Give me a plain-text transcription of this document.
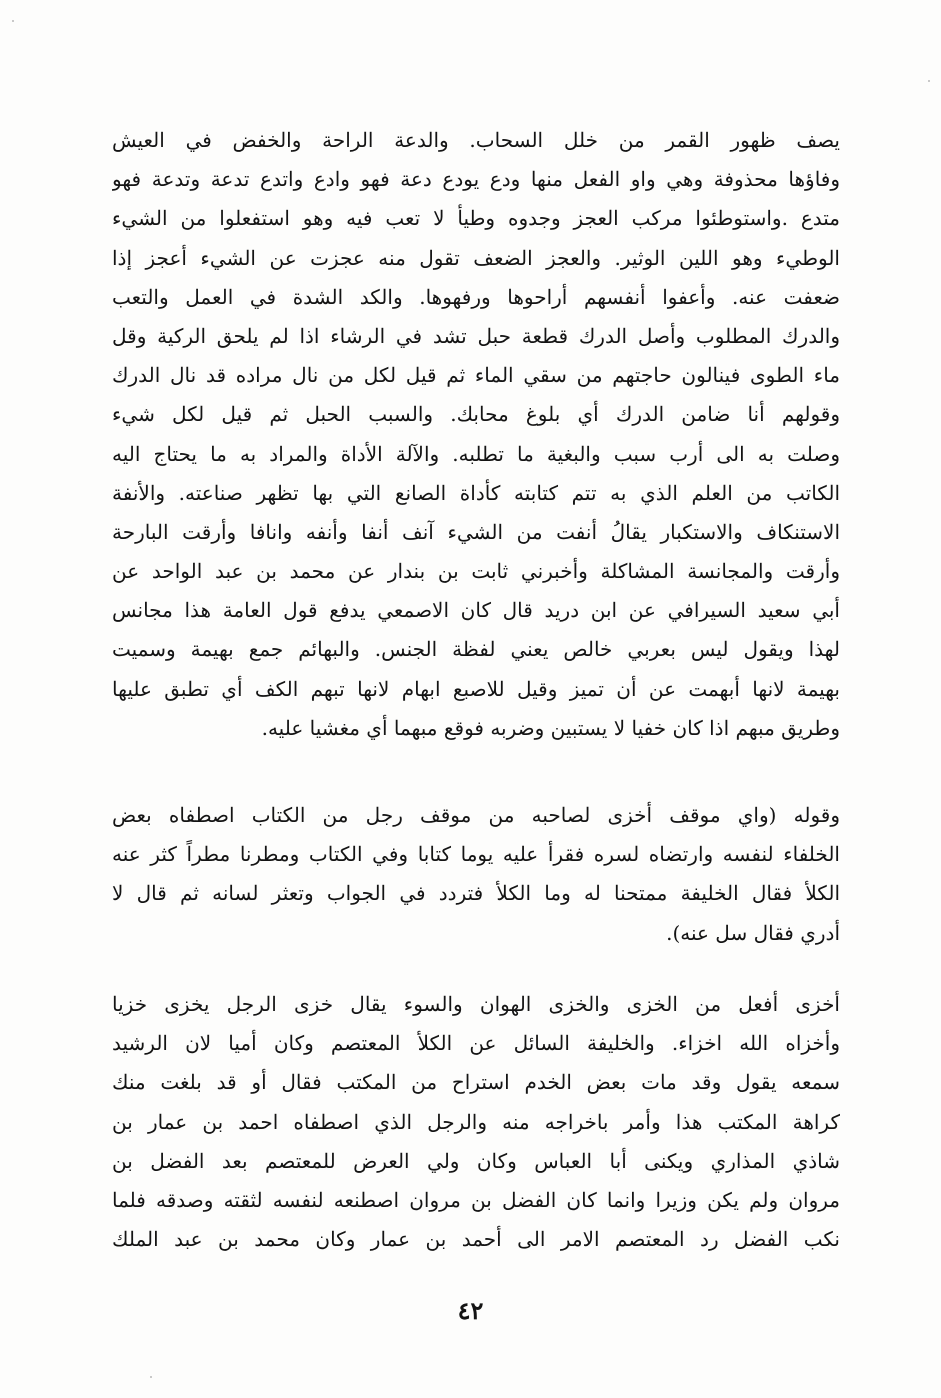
يصف ظهور القمر من خلل السحاب. والدعة الراحة والخفض في العيش
وفاؤها محذوفة وهي واو الفعل منها ودع يودع دعة فهو وادع واتدع تدعة وتدعة فهو
متدع .واستوطئوا مركب العجز وجدوه وطيأ لا تعب فيه وهو استفعلوا من الشيء
الوطيء وهو اللين الوثير. والعجز الضعف تقول منه عجزت عن الشيء أعجز إذا
ضعفت عنه. وأعفوا أنفسهم أراحوها ورفهوها. والكد الشدة في العمل والتعب
والدرك المطلوب وأصل الدرك قطعة حبل تشد في الرشاء اذا لم يلحق الركية وقل
ماء الطوى فينالون حاجتهم من سقي الماء ثم قيل لكل من نال مراده قد نال الدرك
وقولهم أنا ضامن الدرك أي بلوغ محابك. والسبب الحبل ثم قيل لكل شيء
وصلت به الى أرب سبب والبغية ما تطلبه. والآلة الأداة والمراد به ما يحتاج اليه
الكاتب من العلم الذي به تتم كتابته كأداة الصانع التي بها تظهر صناعته. والأنفة
الاستنكاف والاستكبار يقالُ أنفت من الشيء آنف أنفا وأنفه وانافا وأرقت البارحة
وأرقت والمجانسة المشاكلة وأخبرني ثابت بن بندار عن محمد بن عبد الواحد عن
أبي سعيد السيرافي عن ابن دريد قال كان الاصمعي يدفع قول العامة هذا مجانس
لهذا ويقول ليس بعربي خالص يعني لفظة الجنس. والبهائم جمع بهيمة وسميت
بهيمة لانها أبهمت عن أن تميز وقيل للاصبع ابهام لانها تبهم الكف أي تطبق عليها
وطريق مبهم اذا كان خفيا لا يستبين وضربه فوقع مبهما أي مغشيا عليه.
وقوله (واي موقف أخزى لصاحبه من موقف رجل من الكتاب اصطفاه بعض
الخلفاء لنفسه وارتضاه لسره فقرأ عليه يوما كتابا وفي الكتاب ومطرنا مطراً كثر عنه
الكلأ فقال الخليفة ممتحنا له وما الكلأ فتردد في الجواب وتعثر لسانه ثم قال لا
أدري فقال سل عنه).
أخزى أفعل من الخزى والخزى الهوان والسوء يقال خزى الرجل يخزى خزيا
وأخزاه الله اخزاء. والخليفة السائل عن الكلأ المعتصم وكان أميا لان الرشيد
سمعه يقول وقد مات بعض الخدم استراح من المكتب فقال أو قد بلغت منك
كراهة المكتب هذا وأمر باخراجه منه والرجل الذي اصطفاه احمد بن عمار بن
شاذي المذاري ويكنى أبا العباس وكان ولي العرض للمعتصم بعد الفضل بن
مروان ولم يكن وزيرا وانما كان الفضل بن مروان اصطنعه لنفسه لثقته وصدقه فلما
نكب الفضل رد المعتصم الامر الى أحمد بن عمار وكان محمد بن عبد الملك
٤٢
